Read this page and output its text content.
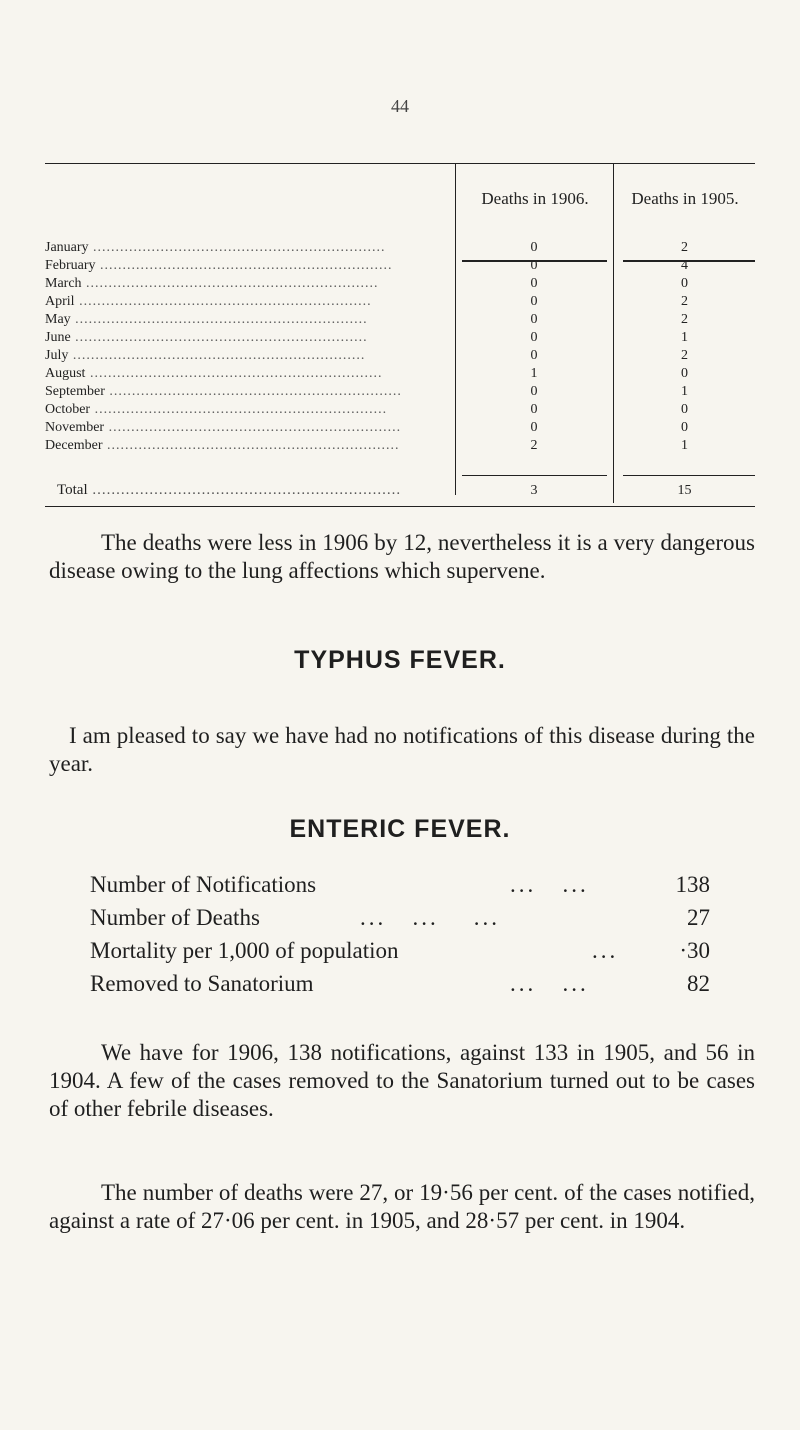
44
Deaths in 1906.	Deaths in 1905.
January .................................................................	0	2
February .................................................................	0	4
March .................................................................	0	0
April .................................................................	0	2
May .................................................................	0	2
June .................................................................	0	1
July .................................................................	0	2
August .................................................................	1	0
September .................................................................	0	1
October .................................................................	0	0
November .................................................................	0	0
December .................................................................	2	1
Total .................................................................	3	15

The deaths were less in 1906 by 12, nevertheless it is a very dangerous disease owing to the lung affections which supervene.

TYPHUS FEVER.

I am pleased to say we have had no notifications of this disease during the year.

ENTERIC FEVER.
Number of Notifications	...   ...	138
Number of Deaths	...   ...    ...	27
Mortality per 1,000 of population	...	·30
Removed to Sanatorium	...   ...	82

We have for 1906, 138 notifications, against 133 in 1905, and 56 in 1904. A few of the cases removed to the Sanatorium turned out to be cases of other febrile diseases.

The number of deaths were 27, or 19·56 per cent. of the cases notified, against a rate of 27·06 per cent. in 1905, and 28·57 per cent. in 1904.
